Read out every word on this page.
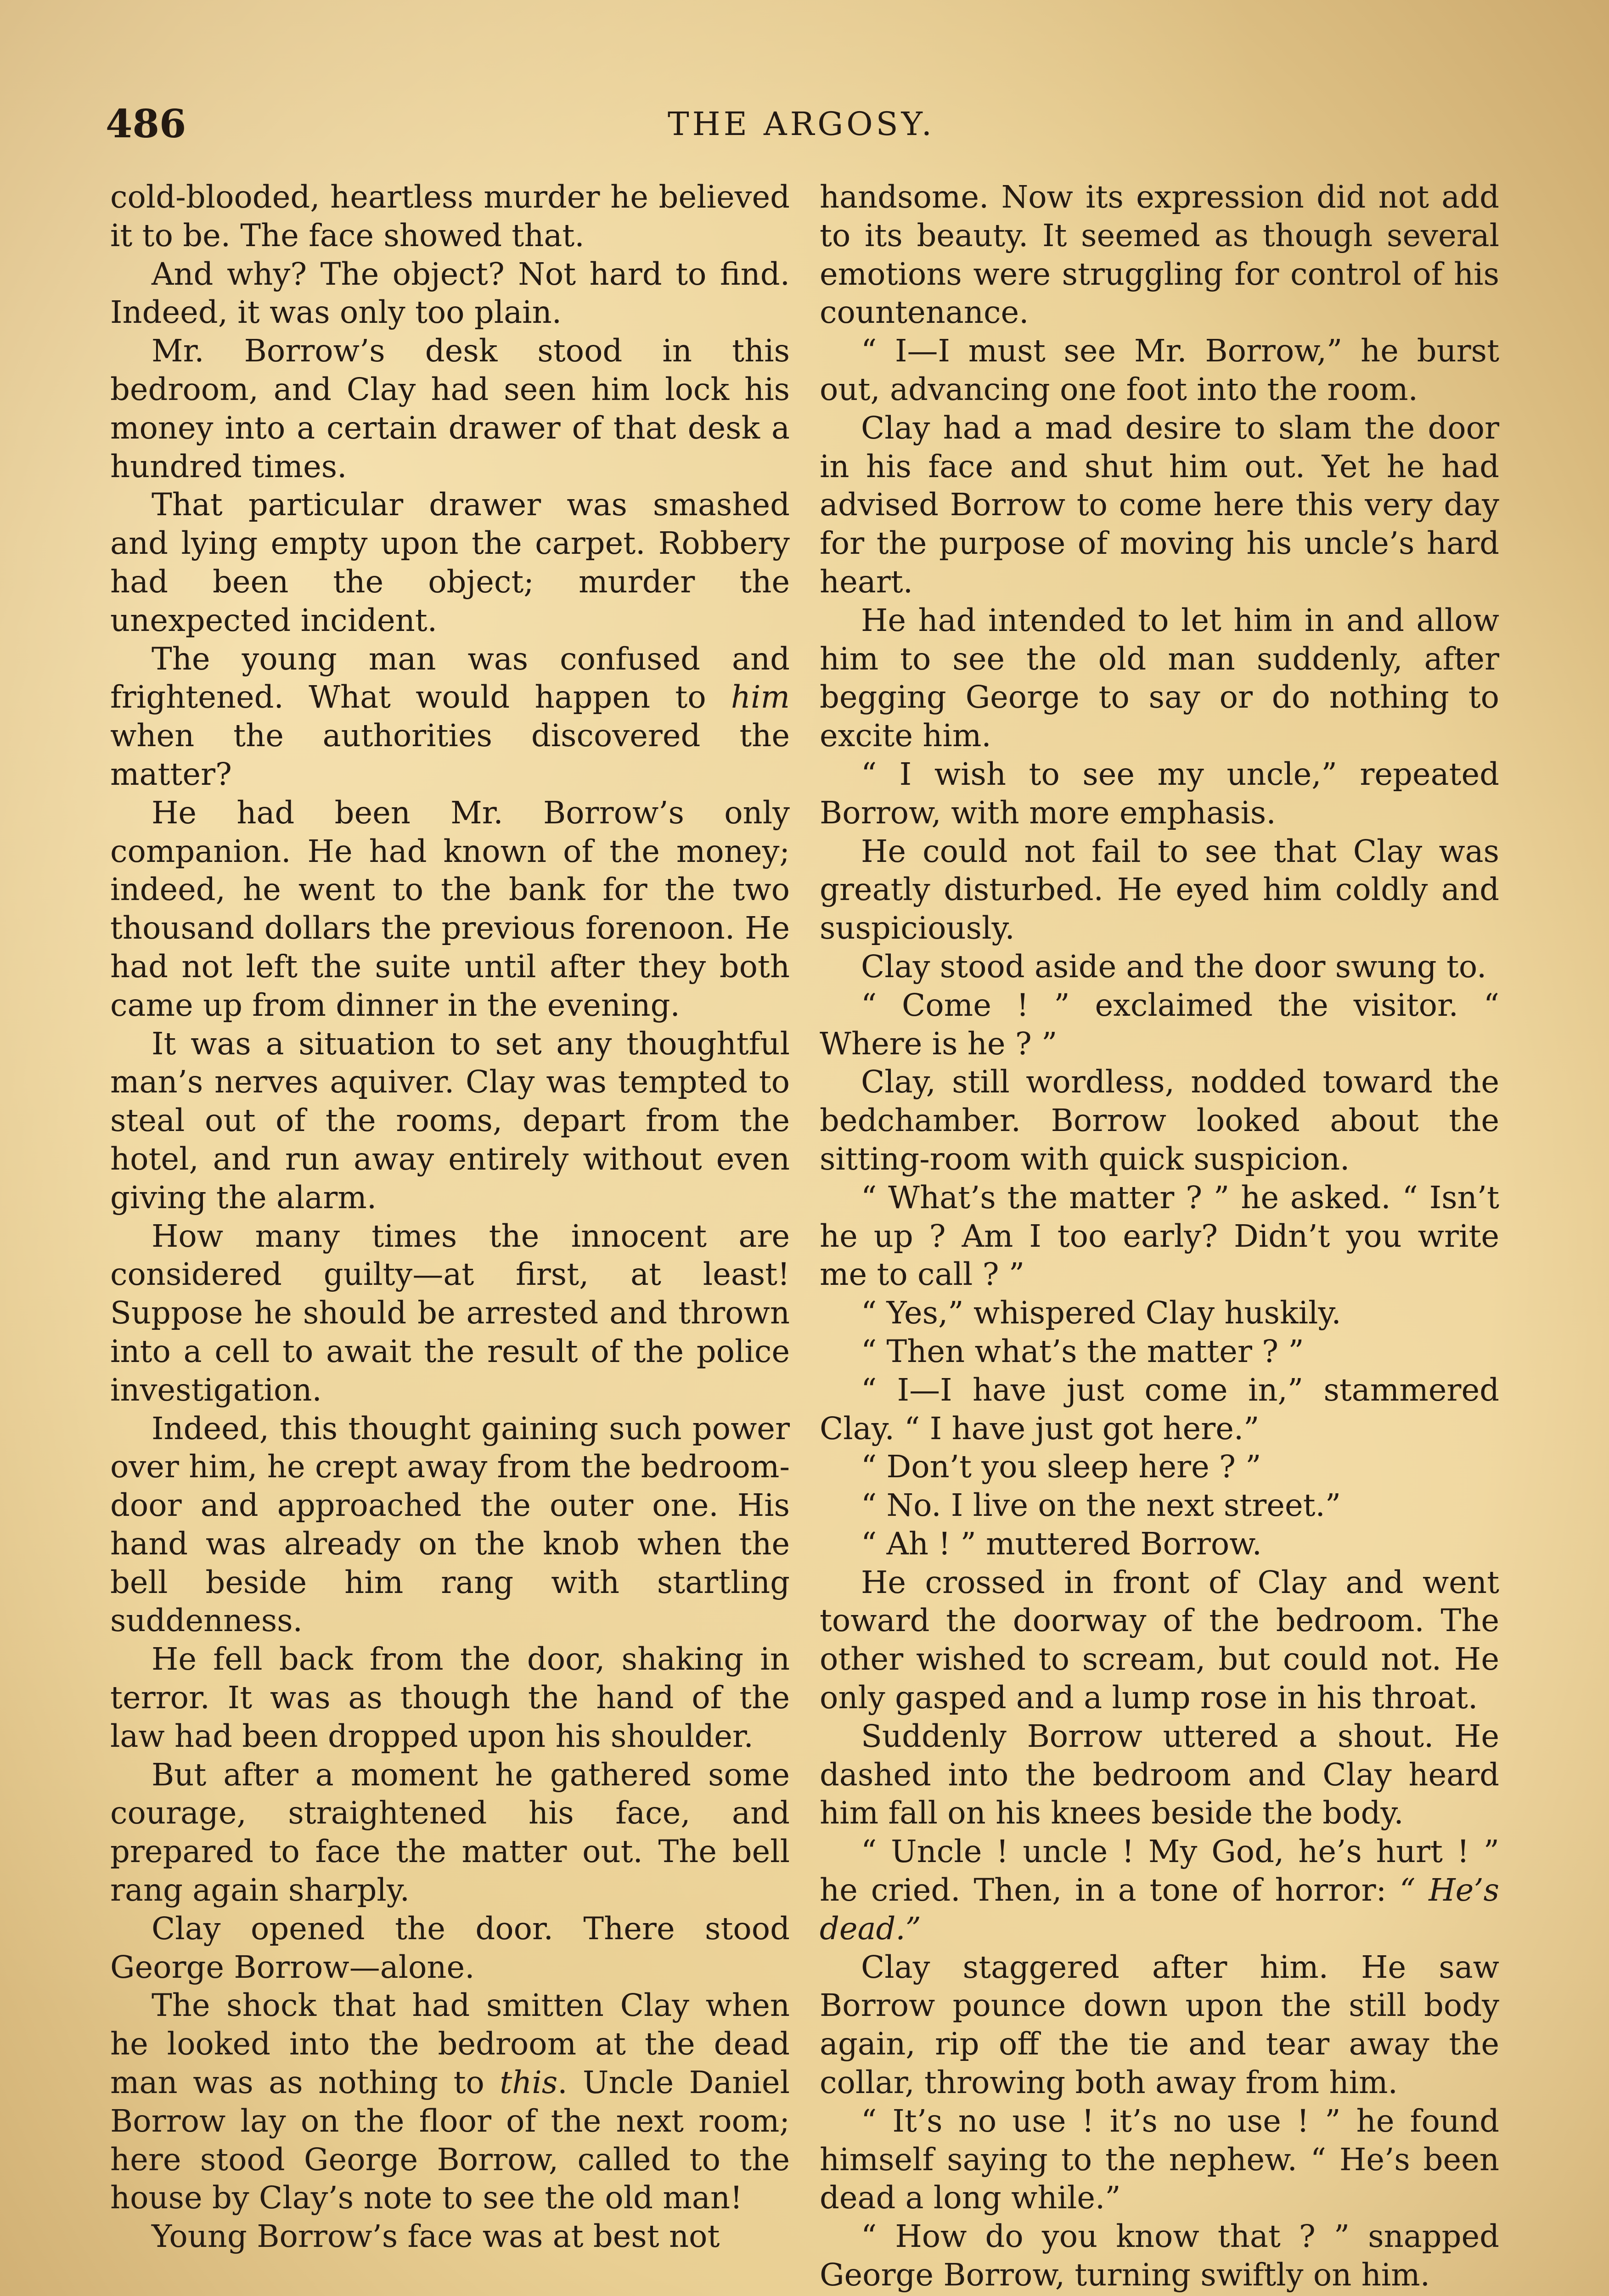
486	THE ARGOSY.

cold-blooded, heartless murder he believed it to be. The face showed that.

And why? The object? Not hard to find. Indeed, it was only too plain.

Mr. Borrow’s desk stood in this bedroom, and Clay had seen him lock his money into a certain drawer of that desk a hundred times.

That particular drawer was smashed and lying empty upon the carpet. Robbery had been the object; murder the unexpected incident.

The young man was confused and frightened. What would happen to him when the authorities discovered the matter?

He had been Mr. Borrow’s only companion. He had known of the money; indeed, he went to the bank for the two thousand dollars the previous forenoon. He had not left the suite until after they both came up from dinner in the evening.

It was a situation to set any thoughtful man’s nerves aquiver. Clay was tempted to steal out of the rooms, depart from the hotel, and run away entirely without even giving the alarm.

How many times the innocent are considered guilty—at first, at least! Suppose he should be arrested and thrown into a cell to await the result of the police investigation.

Indeed, this thought gaining such power over him, he crept away from the bedroom-door and approached the outer one. His hand was already on the knob when the bell beside him rang with startling suddenness.

He fell back from the door, shaking in terror. It was as though the hand of the law had been dropped upon his shoulder.

But after a moment he gathered some courage, straightened his face, and prepared to face the matter out. The bell rang again sharply.

Clay opened the door. There stood George Borrow—alone.

The shock that had smitten Clay when he looked into the bedroom at the dead man was as nothing to this. Uncle Daniel Borrow lay on the floor of the next room; here stood George Borrow, called to the house by Clay’s note to see the old man!

Young Borrow’s face was at best not

handsome. Now its expression did not add to its beauty. It seemed as though several emotions were struggling for control of his countenance.

“ I—I must see Mr. Borrow,” he burst out, advancing one foot into the room.

Clay had a mad desire to slam the door in his face and shut him out. Yet he had advised Borrow to come here this very day for the purpose of moving his uncle’s hard heart.

He had intended to let him in and allow him to see the old man suddenly, after begging George to say or do nothing to excite him.

“ I wish to see my uncle,” repeated Borrow, with more emphasis.

He could not fail to see that Clay was greatly disturbed. He eyed him coldly and suspiciously.

Clay stood aside and the door swung to.

“ Come ! ” exclaimed the visitor. “ Where is he ? ”

Clay, still wordless, nodded toward the bedchamber. Borrow looked about the sitting-room with quick suspicion.

“ What’s the matter ? ” he asked. “ Isn’t he up ? Am I too early? Didn’t you write me to call ? ”

“ Yes,” whispered Clay huskily.

“ Then what’s the matter ? ”

“ I—I have just come in,” stammered Clay. “ I have just got here.”

“ Don’t you sleep here ? ”

“ No. I live on the next street.”

“ Ah ! ” muttered Borrow.

He crossed in front of Clay and went toward the doorway of the bedroom. The other wished to scream, but could not. He only gasped and a lump rose in his throat.

Suddenly Borrow uttered a shout. He dashed into the bedroom and Clay heard him fall on his knees beside the body.

“ Uncle ! uncle ! My God, he’s hurt ! ” he cried. Then, in a tone of horror: “ He’s dead.”

Clay staggered after him. He saw Borrow pounce down upon the still body again, rip off the tie and tear away the collar, throwing both away from him.

“ It’s no use ! it’s no use ! ” he found himself saying to the nephew. “ He’s been dead a long while.”

“ How do you know that ? ” snapped George Borrow, turning swiftly on him.
